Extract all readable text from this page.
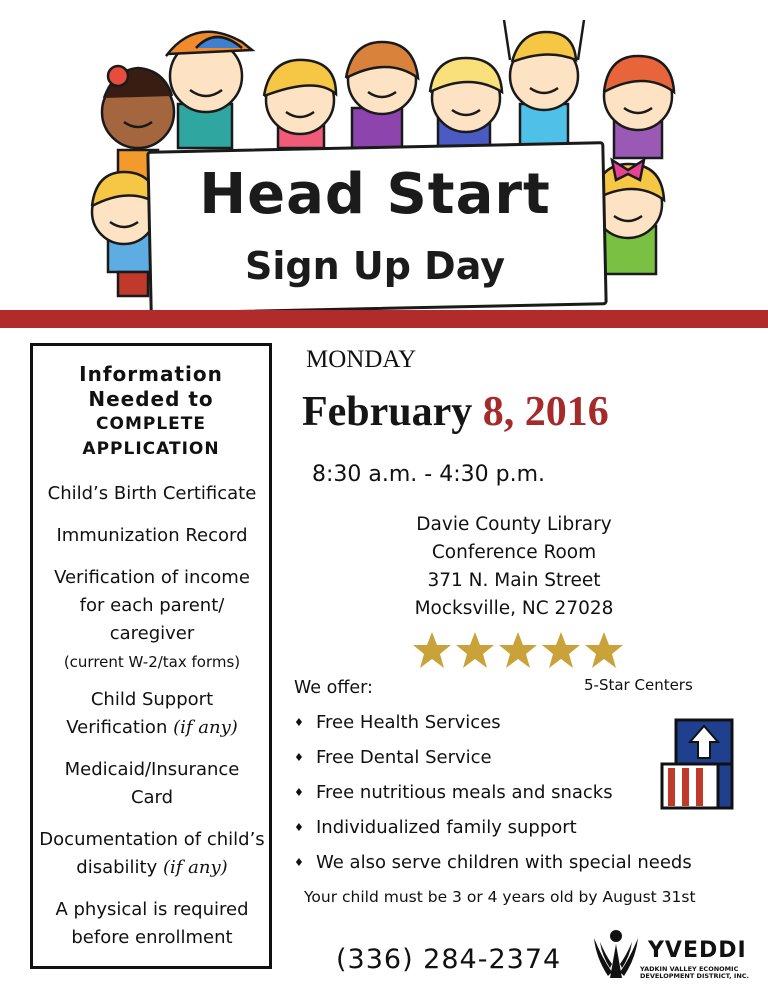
Head Start
Sign Up Day
Information
Needed to
COMPLETE
APPLICATION
Child’s Birth Certificate
Immunization Record
Verification of income
for each parent/
caregiver
(current W-2/tax forms)
Child Support
Verification (if any)
Medicaid/Insurance
Card
Documentation of child’s
disability (if any)
A physical is required
before enrollment
MONDAY
February 8, 2016
8:30 a.m. - 4:30 p.m.
Davie County Library
Conference Room
371 N. Main Street
Mocksville, NC 27028
5-Star Centers
We offer:
♦ Free Health Services
♦ Free Dental Service
♦ Free nutritious meals and snacks
♦ Individualized family support
♦ We also serve children with special needs
Your child must be 3 or 4 years old by August 31st
(336) 284-2374	YVEDDI
YADKIN VALLEY ECONOMIC DEVELOPMENT DISTRICT, INC.
